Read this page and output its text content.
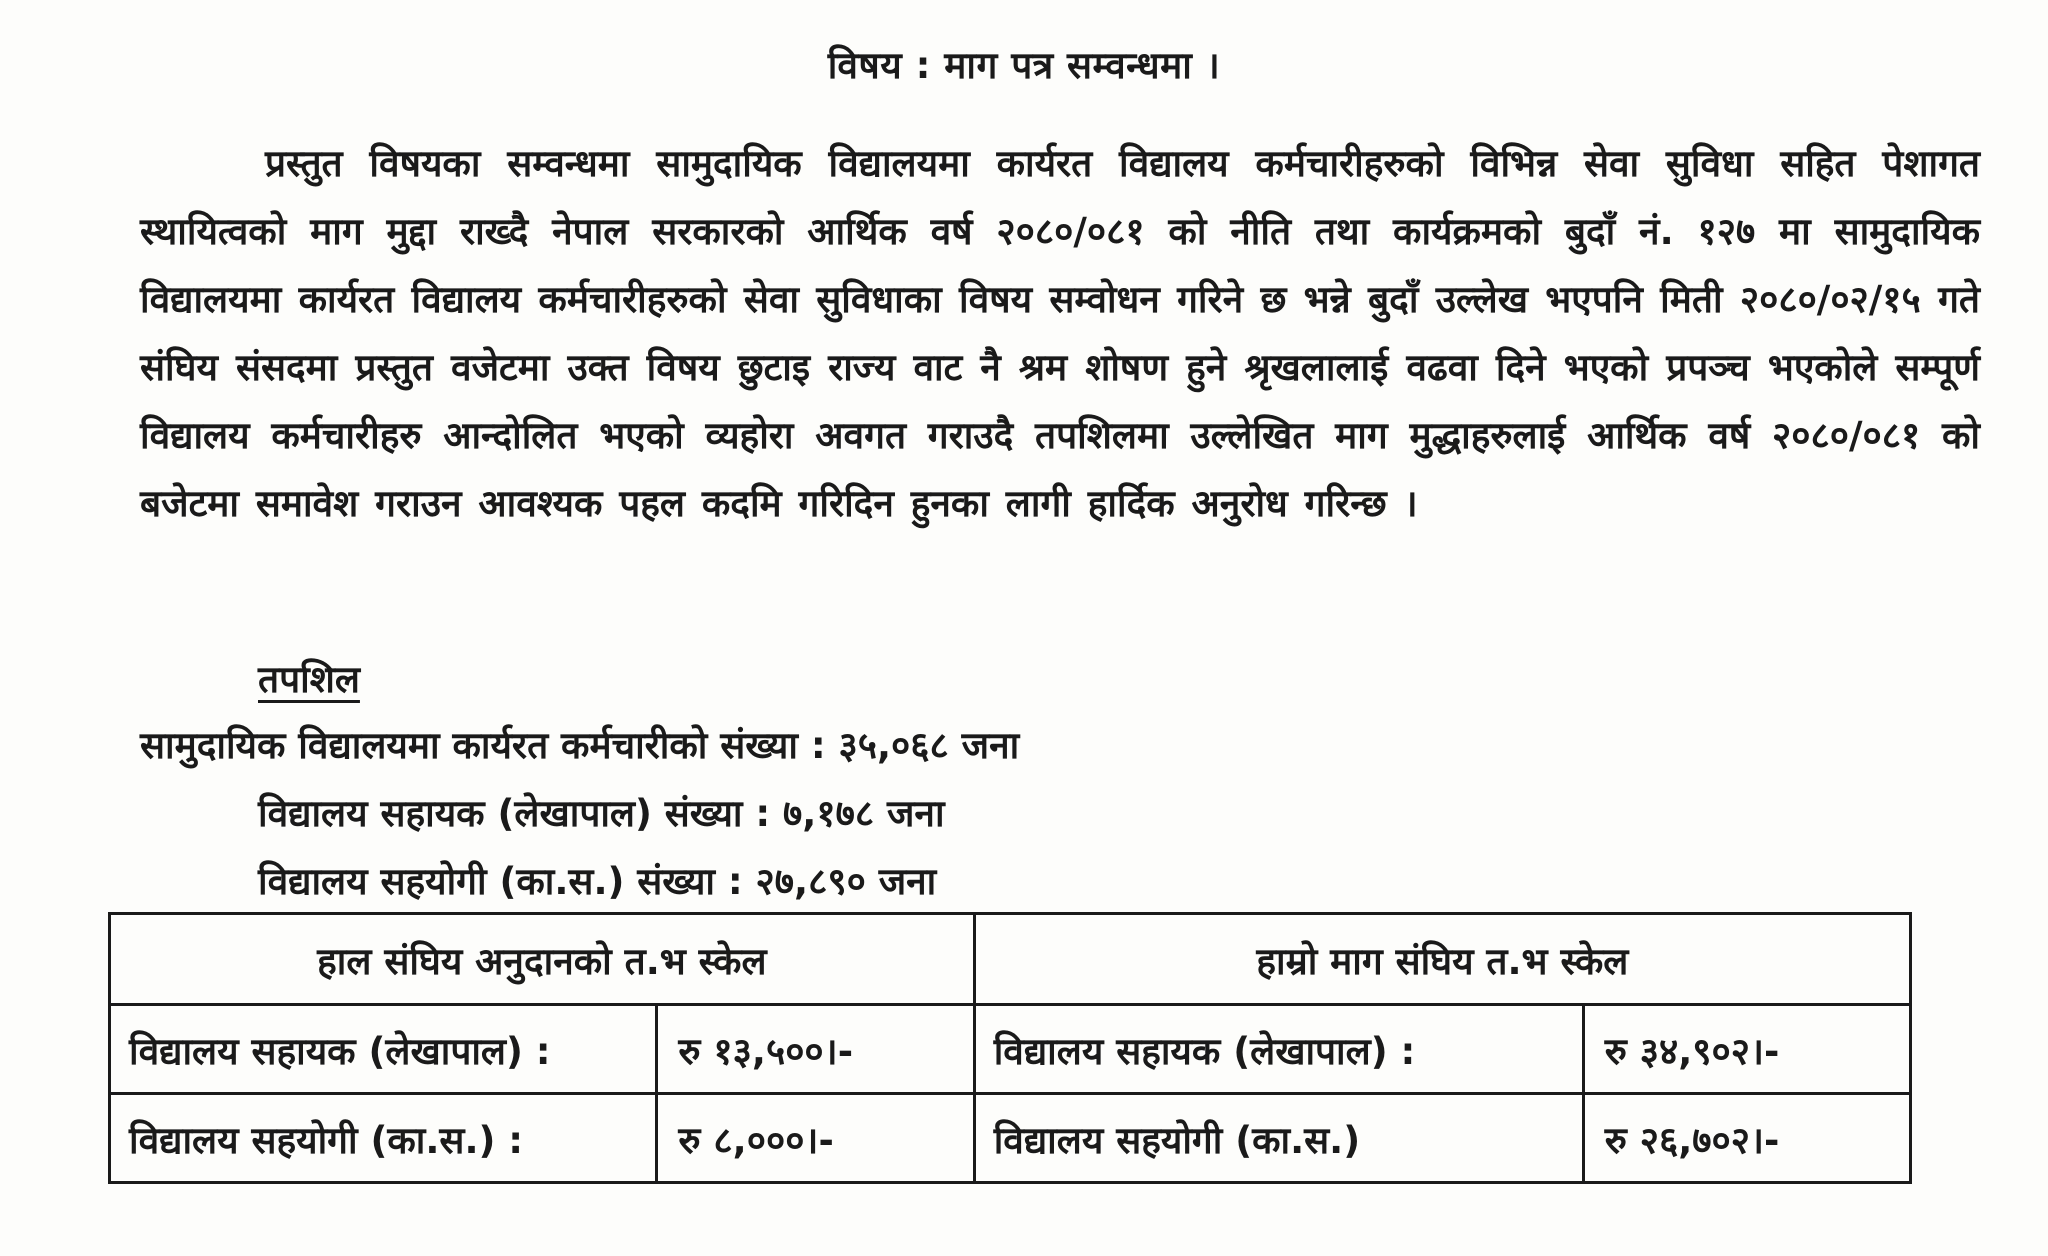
विषय : माग पत्र सम्वन्धमा ।

प्रस्तुत विषयका सम्वन्धमा सामुदायिक विद्यालयमा कार्यरत विद्यालय कर्मचारीहरुको विभिन्न सेवा सुविधा सहित पेशागत स्थायित्वको माग मुद्दा राख्दै नेपाल सरकारको आर्थिक वर्ष २०८०/०८१ को नीति तथा कार्यक्रमको बुदाँ नं. १२७ मा सामुदायिक विद्यालयमा कार्यरत विद्यालय कर्मचारीहरुको सेवा सुविधाका विषय सम्वोधन गरिने छ भन्ने बुदाँ उल्लेख भएपनि मिती २०८०/०२/१५ गते संघिय संसदमा प्रस्तुत वजेटमा उक्त विषय छुटाइ राज्य वाट नै श्रम शोषण हुने श्रृखलालाई वढवा दिने भएको प्रपञ्च भएकोले सम्पूर्ण विद्यालय कर्मचारीहरु आन्दोलित भएको व्यहोरा अवगत गराउदै तपशिलमा उल्लेखित माग मुद्धाहरुलाई आर्थिक वर्ष २०८०/०८१ को बजेटमा समावेश गराउन आवश्यक पहल कदमि गरिदिन हुनका लागी हार्दिक अनुरोध गरिन्छ ।

तपशिल
सामुदायिक विद्यालयमा कार्यरत कर्मचारीको संख्या : ३५,०६८ जना
विद्यालय सहायक (लेखापाल) संख्या : ७,१७८ जना
विद्यालय सहयोगी (का.स.) संख्या : २७,८९० जना
हाल संघिय अनुदानको त.भ स्केल		हाम्रो माग संघिय त.भ स्केल	
विद्यालय सहायक (लेखापाल) :	रु १३,५००।-	विद्यालय सहायक (लेखापाल) :	रु ३४,९०२।-
विद्यालय सहयोगी (का.स.) :	रु ८,०००।-	विद्यालय सहयोगी (का.स.)	रु २६,७०२।-
